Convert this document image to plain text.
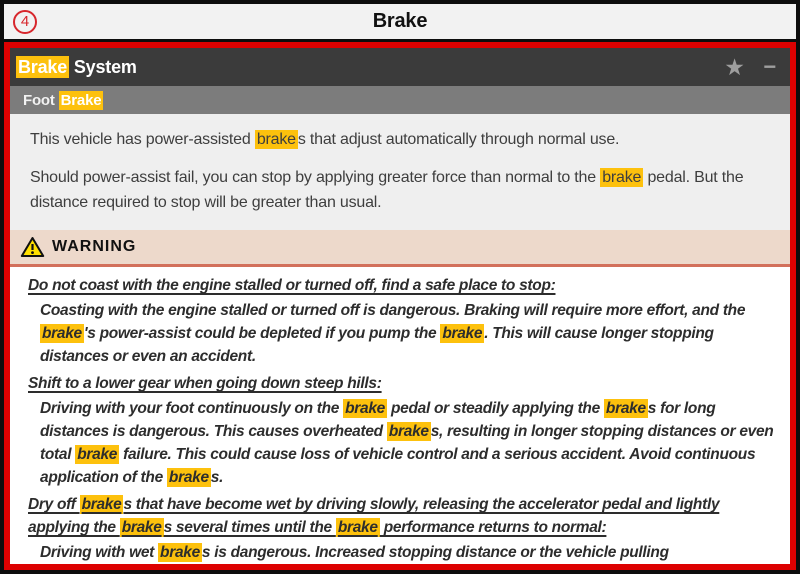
4	Brake
Brake System	★ −
Foot Brake

This vehicle has power-assisted brake s that adjust automatically through normal use.

Should power-assist fail, you can stop by applying greater force than normal to the brake pedal. But the distance required to stop will be greater than usual.

WARNING
Do not coast with the engine stalled or turned off, find a safe place to stop:

Coasting with the engine stalled or turned off is dangerous. Braking will require more effort, and the brake 's power-assist could be depleted if you pump the brake . This will cause longer stopping distances or even an accident.

Shift to a lower gear when going down steep hills:

Driving with your foot continuously on the brake pedal or steadily applying the brake s for long distances is dangerous. This causes overheated brake s, resulting in longer stopping distances or even total brake failure. This could cause loss of vehicle control and a serious accident. Avoid continuous application of the brake s.

Dry off brake s that have become wet by driving slowly, releasing the accelerator pedal and lightly applying the brake s several times until the brake performance returns to normal:

Driving with wet brake s is dangerous. Increased stopping distance or the vehicle pulling
